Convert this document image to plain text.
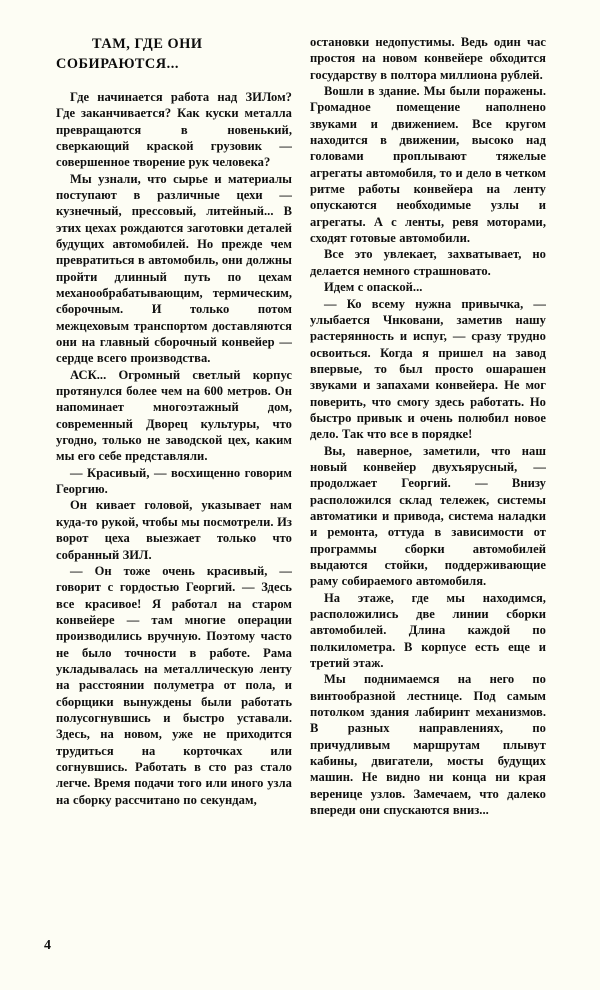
ТАМ, ГДЕ ОНИ СОБИРАЮТСЯ...

Где начинается работа над ЗИЛом? Где заканчивается? Как куски металла превращаются в новенький, сверкающий краской грузовик — совершенное творение рук человека?

Мы узнали, что сырье и материалы поступают в различные цехи — кузнечный, прессовый, литейный... В этих цехах рождаются заготовки деталей будущих автомобилей. Но прежде чем превратиться в автомобиль, они должны пройти длинный путь по цехам механообрабатывающим, термическим, сборочным. И только потом межцеховым транспортом доставляются они на главный сборочный конвейер — сердце всего производства.

АСК... Огромный светлый корпус протянулся более чем на 600 метров. Он напоминает многоэтажный дом, современный Дворец культуры, что угодно, только не заводской цех, каким мы его себе представляли.

— Красивый, — восхищенно говорим Георгию.

Он кивает головой, указывает нам куда-то рукой, чтобы мы посмотрели. Из ворот цеха выезжает только что собранный ЗИЛ.

— Он тоже очень красивый, — говорит с гордостью Георгий. — Здесь все красивое! Я работал на старом конвейере — там многие операции производились вручную. Поэтому часто не было точности в работе. Рама укладывалась на металлическую ленту на расстоянии полуметра от пола, и сборщики вынуждены были работать полусогнувшись и быстро уставали. Здесь, на новом, уже не приходится трудиться на корточках или согнувшись. Работать в сто раз стало легче. Время подачи того или иного узла на сборку рассчитано по секундам,

остановки недопустимы. Ведь один час простоя на новом конвейере обходится государству в полтора миллиона рублей.

Вошли в здание. Мы были поражены. Громадное помещение наполнено звуками и движением. Все кругом находится в движении, высоко над головами проплывают тяжелые агрегаты автомобиля, то и дело в четком ритме работы конвейера на ленту опускаются необходимые узлы и агрегаты. А с ленты, ревя моторами, сходят готовые автомобили.

Все это увлекает, захватывает, но делается немного страшновато.

Идем с опаской...

— Ко всему нужна привычка, — улыбается Чнковани, заметив нашу растерянность и испуг, — сразу трудно освоиться. Когда я пришел на завод впервые, то был просто ошарашен звуками и запахами конвейера. Не мог поверить, что смогу здесь работать. Но быстро привык и очень полюбил новое дело. Так что все в порядке!

Вы, наверное, заметили, что наш новый конвейер двухъярусный, — продолжает Георгий. — Внизу расположился склад тележек, системы автоматики и привода, система наладки и ремонта, оттуда в зависимости от программы сборки автомобилей выдаются стойки, поддерживающие раму собираемого автомобиля.

На этаже, где мы находимся, расположились две линии сборки автомобилей. Длина каждой по полкилометра. В корпусе есть еще и третий этаж.

Мы поднимаемся на него по винтообразной лестнице. Под самым потолком здания лабиринт механизмов. В разных направлениях, по причудливым маршрутам плывут кабины, двигатели, мосты будущих машин. Не видно ни конца ни края веренице узлов. Замечаем, что далеко впереди они спускаются вниз...

4
